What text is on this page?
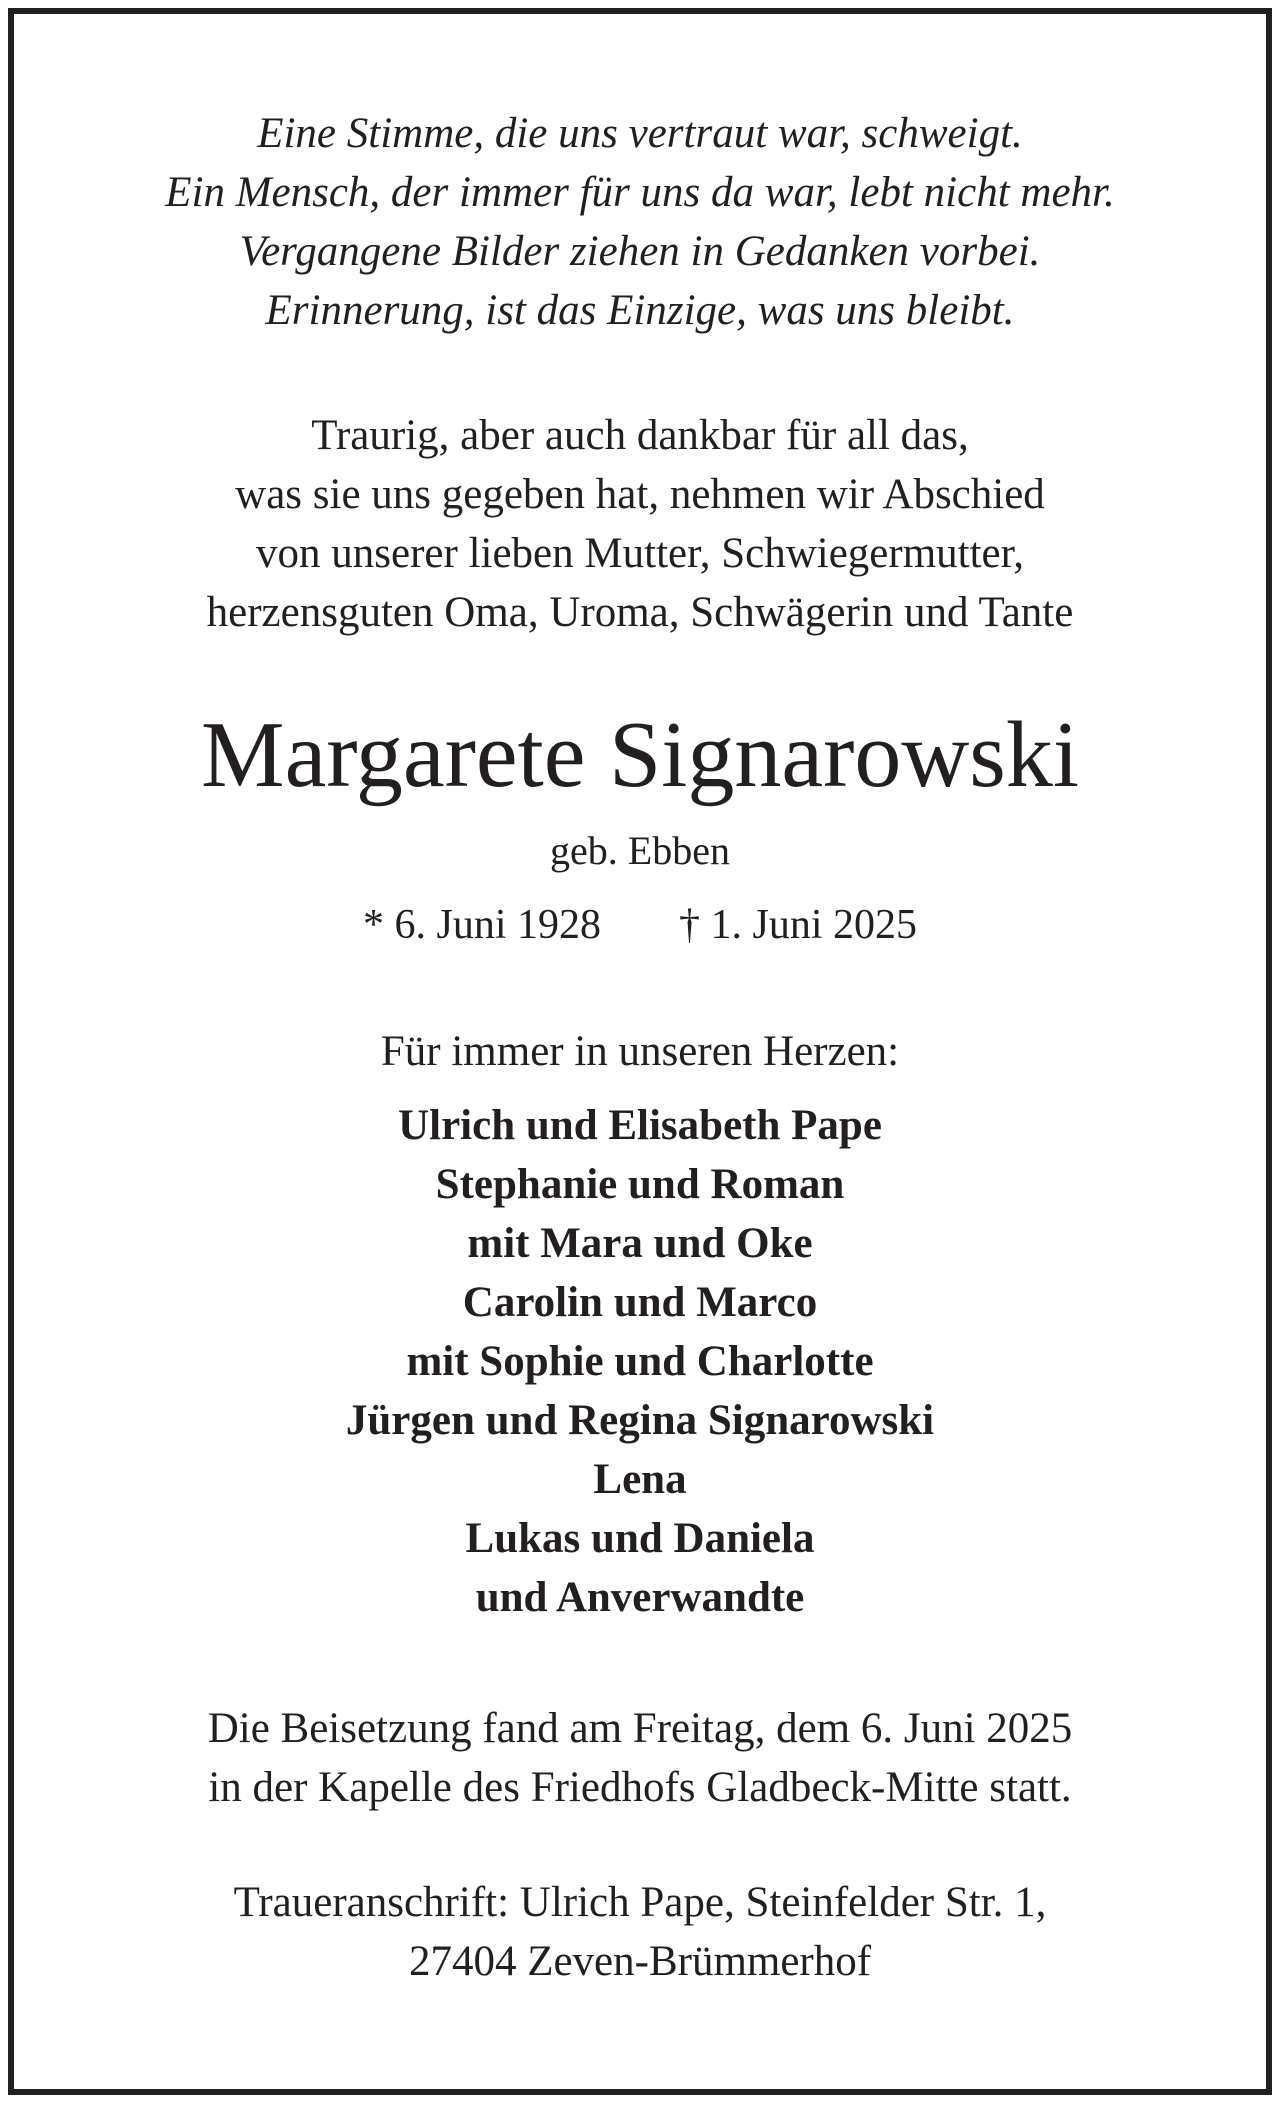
Eine Stimme, die uns vertraut war, schweigt.
Ein Mensch, der immer für uns da war, lebt nicht mehr.
Vergangene Bilder ziehen in Gedanken vorbei.
Erinnerung, ist das Einzige, was uns bleibt.
Traurig, aber auch dankbar für all das,
was sie uns gegeben hat, nehmen wir Abschied
von unserer lieben Mutter, Schwiegermutter,
herzensguten Oma, Uroma, Schwägerin und Tante
Margarete Signarowski
geb. Ebben
* 6. Juni 1928 † 1. Juni 2025
Für immer in unseren Herzen:
Ulrich und Elisabeth Pape
Stephanie und Roman
mit Mara und Oke
Carolin und Marco
mit Sophie und Charlotte
Jürgen und Regina Signarowski
Lena
Lukas und Daniela
und Anverwandte
Die Beisetzung fand am Freitag, dem 6. Juni 2025
in der Kapelle des Friedhofs Gladbeck-Mitte statt.
Traueranschrift: Ulrich Pape, Steinfelder Str. 1,
27404 Zeven-Brümmerhof
